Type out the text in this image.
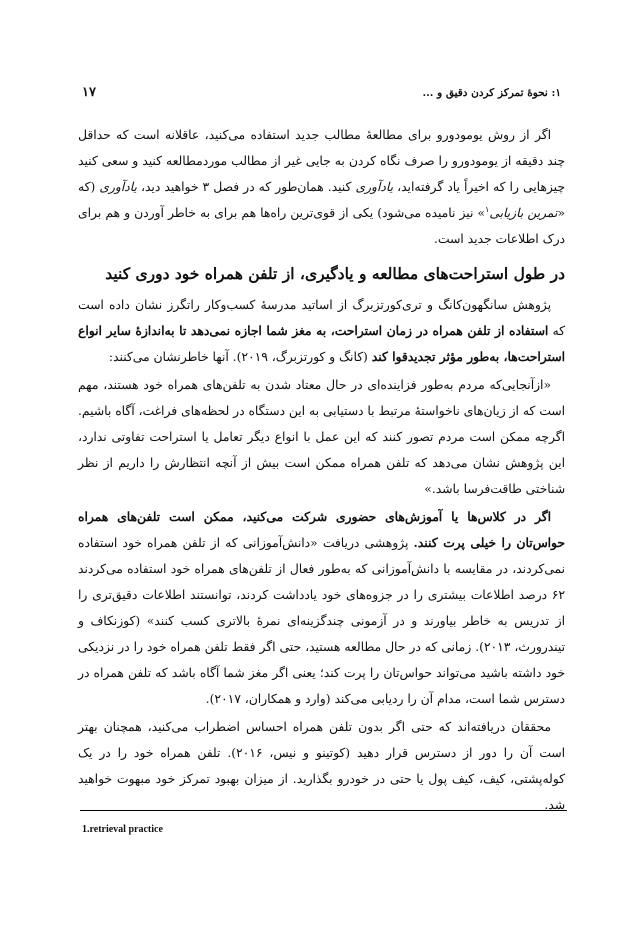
۱: نحوهٔ تمرکز کردن دقیق و ...
۱۷

اگر از روش یومودورو برای مطالعهٔ مطالب جدید استفاده می‌کنید، عاقلانه است که حداقل چند دقیقه از یومودورو را صرف نگاه کردن به جایی غیر از مطالب موردمطالعه کنید و سعی کنید چیزهایی را که اخیراً یاد گرفته‌اید، یادآوری کنید. همان‌طور که در فصل ۳ خواهید دید، یادآوری (که «تمرین بازیابی$^۱$» نیز نامیده می‌شود) یکی از قوی‌ترین راه‌ها هم برای به خاطر آوردن و هم برای درک اطلاعات جدید است.

در طول استراحت‌های مطالعه و یادگیری، از تلفن همراه خود دوری کنید

پژوهش سانگهون‌کانگ و تری‌کورتزبرگ از اساتید مدرسهٔ کسب‌وکار راتگرز نشان داده است که استفاده از تلفن همراه در زمان استراحت، به مغز شما اجازه نمی‌دهد تا به‌اندازهٔ سایر انواع استراحت‌ها، به‌طور مؤثر تجدیدقوا کند (کانگ و کورتزبرگ، ۲۰۱۹). آنها خاطرنشان می‌کنند:

«ازآنجایی‌که مردم به‌طور فزاینده‌ای در حال معتاد شدن به تلفن‌های همراه خود هستند، مهم است که از زیان‌های ناخواستهٔ مرتبط با دستیابی به این دستگاه در لحظه‌های فراغت، آگاه باشیم. اگرچه ممکن است مردم تصور کنند که این عمل با انواع دیگر تعامل یا استراحت تفاوتی ندارد، این پژوهش نشان می‌دهد که تلفن همراه ممکن است بیش از آنچه انتظارش را داریم از نظر شناختی طاقت‌فرسا باشد.»

اگر در کلاس‌ها یا آموزش‌های حضوری شرکت می‌کنید، ممکن است تلفن‌های همراه حواس‌تان را خیلی پرت کنند. پژوهشی دریافت «دانش‌آموزانی که از تلفن همراه خود استفاده نمی‌کردند، در مقایسه با دانش‌آموزانی که به‌طور فعال از تلفن‌های همراه خود استفاده می‌کردند ۶۲ درصد اطلاعات بیشتری را در جزوه‌های خود یادداشت کردند، توانستند اطلاعات دقیق‌تری را از تدریس به خاطر بیاورند و در آزمونی چندگزینه‌ای نمرهٔ بالاتری کسب کنند» (کوزنکاف و تیندرورث، ۲۰۱۳). زمانی که در حال مطالعه هستید، حتی اگر فقط تلفن همراه خود را در نزدیکی خود داشته باشید می‌تواند حواس‌تان را پرت کند؛ یعنی اگر مغز شما آگاه باشد که تلفن همراه در دسترس شما است، مدام آن را ردیابی می‌کند (وارد و همکاران، ۲۰۱۷).

محققان دریافته‌اند که حتی اگر بدون تلفن همراه احساس اضطراب می‌کنید، همچنان بهتر است آن را دور از دسترس قرار دهید (کوتینو و نیس، ۲۰۱۶). تلفن همراه خود را در یک کوله‌پشتی، کیف، کیف پول یا حتی در خودرو بگذارید. از میزان بهبود تمرکز خود مبهوت خواهید شد.

1.retrieval practice
